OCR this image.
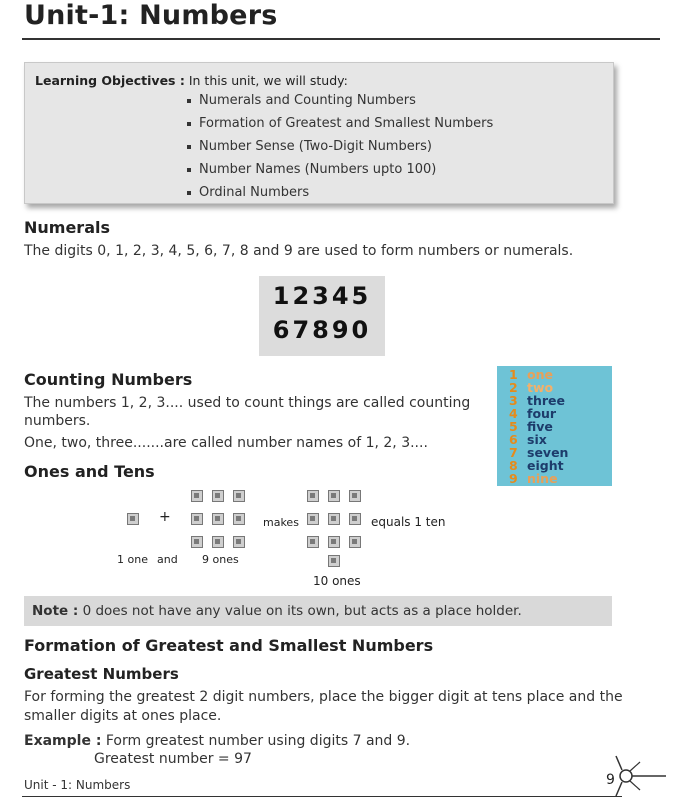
Unit-1: Numbers
Learning Objectives : In this unit, we will study:
Numerals and Counting Numbers
Formation of Greatest and Smallest Numbers
Number Sense (Two-Digit Numbers)
Number Names (Numbers upto 100)
Ordinal Numbers
Numerals

The digits 0, 1, 2, 3, 4, 5, 6, 7, 8 and 9 are used to form numbers or numerals.

12345
67890
Counting Numbers

The numbers 1, 2, 3.... used to count things are called counting

numbers.

One, two, three.......are called number names of 1, 2, 3....

1 one
2 two
3 three
4 four
5 five
6 six
7 seven
8 eight
9 nine
Ones and Tens
+	makes	equals 1 ten
1 one and 9 ones
10 ones
Note : 0 does not have any value on its own, but acts as a place holder.
Formation of Greatest and Smallest Numbers
Greatest Numbers

For forming the greatest 2 digit numbers, place the bigger digit at tens place and the

smaller digits at ones place.

Example : Form greatest number using digits 7 and 9.

Greatest number = 97

Unit - 1: Numbers	9
